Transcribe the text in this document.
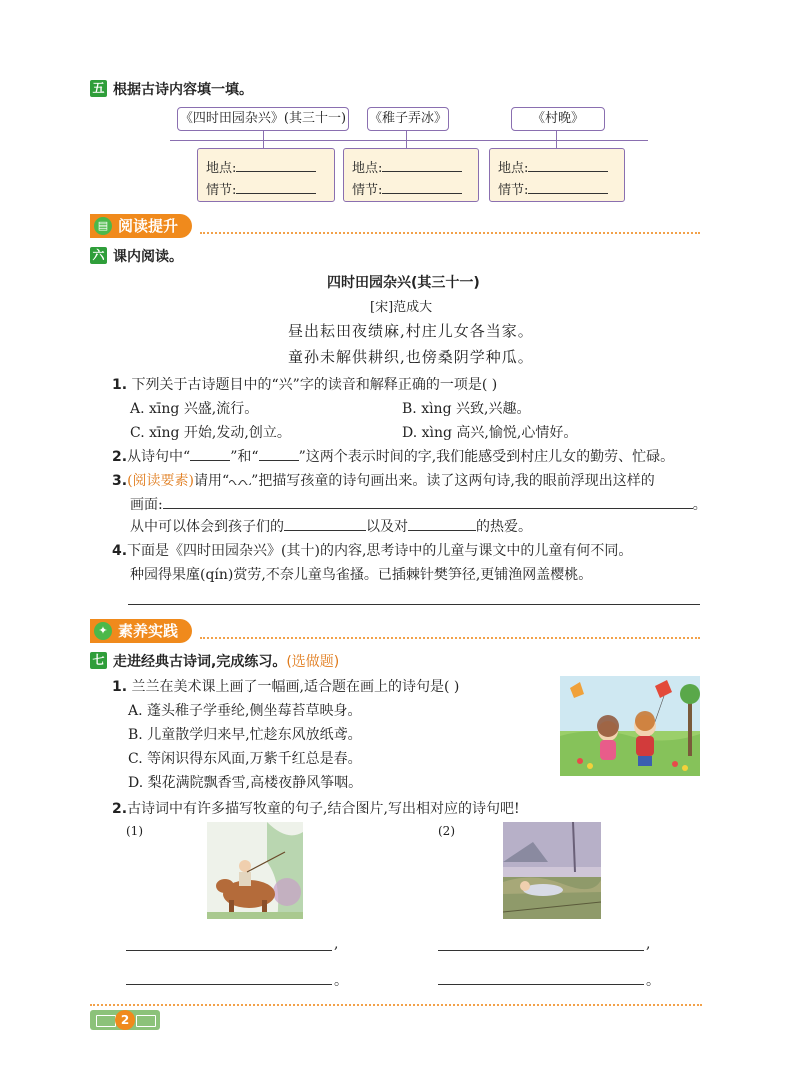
五 根据古诗内容填一填。
《四时田园杂兴》(其三十一) 《稚子弄冰》	《村晚》
地点:
情节:
地点:
情节:
地点:
情节:
▤ 阅读提升
六 课内阅读。
四时田园杂兴(其三十一)
[宋]范成大
昼出耘田夜绩麻,村庄儿女各当家。
童孙未解供耕织,也傍桑阴学种瓜。
1. 下列关于古诗题目中的“兴”字的读音和解释正确的一项是( )
A. xīng 兴盛,流行。	B. xìng 兴致,兴趣。
C. xīng 开始,发动,创立。	D. xìng 高兴,愉悦,心情好。
2.从诗句中“	”和“	”这两个表示时间的字,我们能感受到村庄儿女的勤劳、忙碌。
3.(阅读要素)请用“ ”把描写孩童的诗句画出来。读了这两句诗,我的眼前浮现出这样的
画面:	。
从中可以体会到孩子们的	以及对	的热爱。
4.下面是《四时田园杂兴》(其十)的内容,思考诗中的儿童与课文中的儿童有何不同。
种园得果廑(qín)赏劳,不奈儿童鸟雀搔。已插棘针樊笋径,更铺渔网盖樱桃。
✦ 素养实践
七 走进经典古诗词,完成练习。(选做题)
1. 兰兰在美术课上画了一幅画,适合题在画上的诗句是( )
A. 蓬头稚子学垂纶,侧坐莓苔草映身。
B. 儿童散学归来早,忙趁东风放纸鸢。
C. 等闲识得东风面,万紫千红总是春。
D. 梨花满院飘香雪,高楼夜静风筝咽。
2.古诗词中有许多描写牧童的句子,结合图片,写出相对应的诗句吧!
(1)	(2)
,
。
,
。
2
